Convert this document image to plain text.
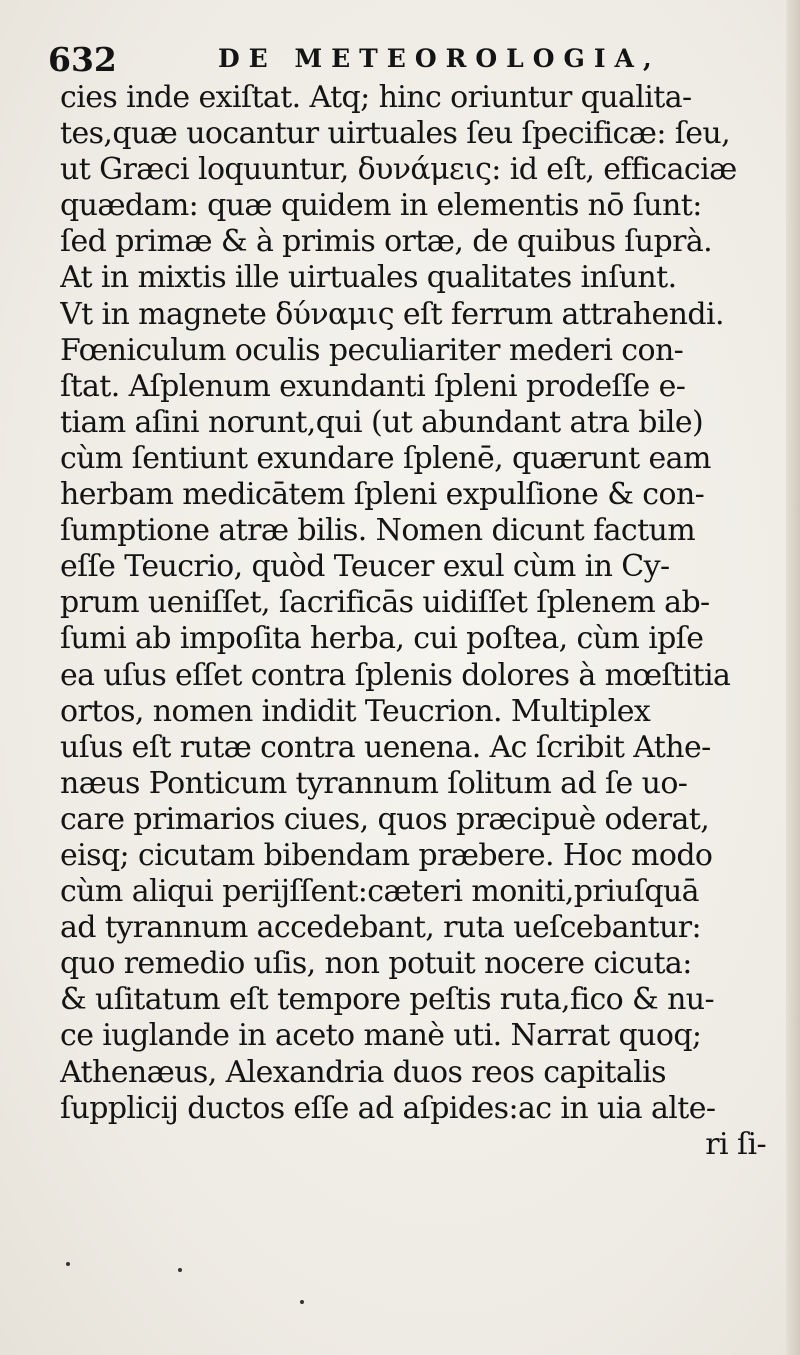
632	DE METEOROLOGIA,
cies inde exiſtat. Atq; hinc oriuntur qualita-
tes,quæ uocantur uirtuales ſeu ſpecificæ: ſeu,
ut Græci loquuntur, δυνάμεις: id eſt, efficaciæ
quædam: quæ quidem in elementis nō ſunt:
ſed primæ & à primis ortæ, de quibus ſuprà.
At in mixtis ille uirtuales qualitates inſunt.
Vt in magnete δύναμις eſt ferrum attrahendi.
Fœniculum oculis peculiariter mederi con-
ſtat. Aſplenum exundanti ſpleni prodeſſe e-
tiam aſini norunt,qui (ut abundant atra bile)
cùm ſentiunt exundare ſplenē, quærunt eam
herbam medicātem ſpleni expulſione & con-
ſumptione atræ bilis. Nomen dicunt factum
eſſe Teucrio, quòd Teucer exul cùm in Cy-
prum ueniſſet, ſacrificās uidiſſet ſplenem ab-
ſumi ab impoſita herba, cui poſtea, cùm ipſe
ea uſus eſſet contra ſplenis dolores à mœſtitia
ortos, nomen indidit Teucrion. Multiplex
uſus eſt rutæ contra uenena. Ac ſcribit Athe-
næus Ponticum tyrannum ſolitum ad ſe uo-
care primarios ciues, quos præcipuè oderat,
eisq; cicutam bibendam præbere. Hoc modo
cùm aliqui perijſſent:cæteri moniti,priuſquā
ad tyrannum accedebant, ruta ueſcebantur:
quo remedio uſis, non potuit nocere cicuta:
& uſitatum eſt tempore peſtis ruta,fico & nu-
ce iuglande in aceto manè uti. Narrat quoq;
Athenæus, Alexandria duos reos capitalis
ſupplicij ductos eſſe ad aſpides:ac in uia alte-
ri ſi-
